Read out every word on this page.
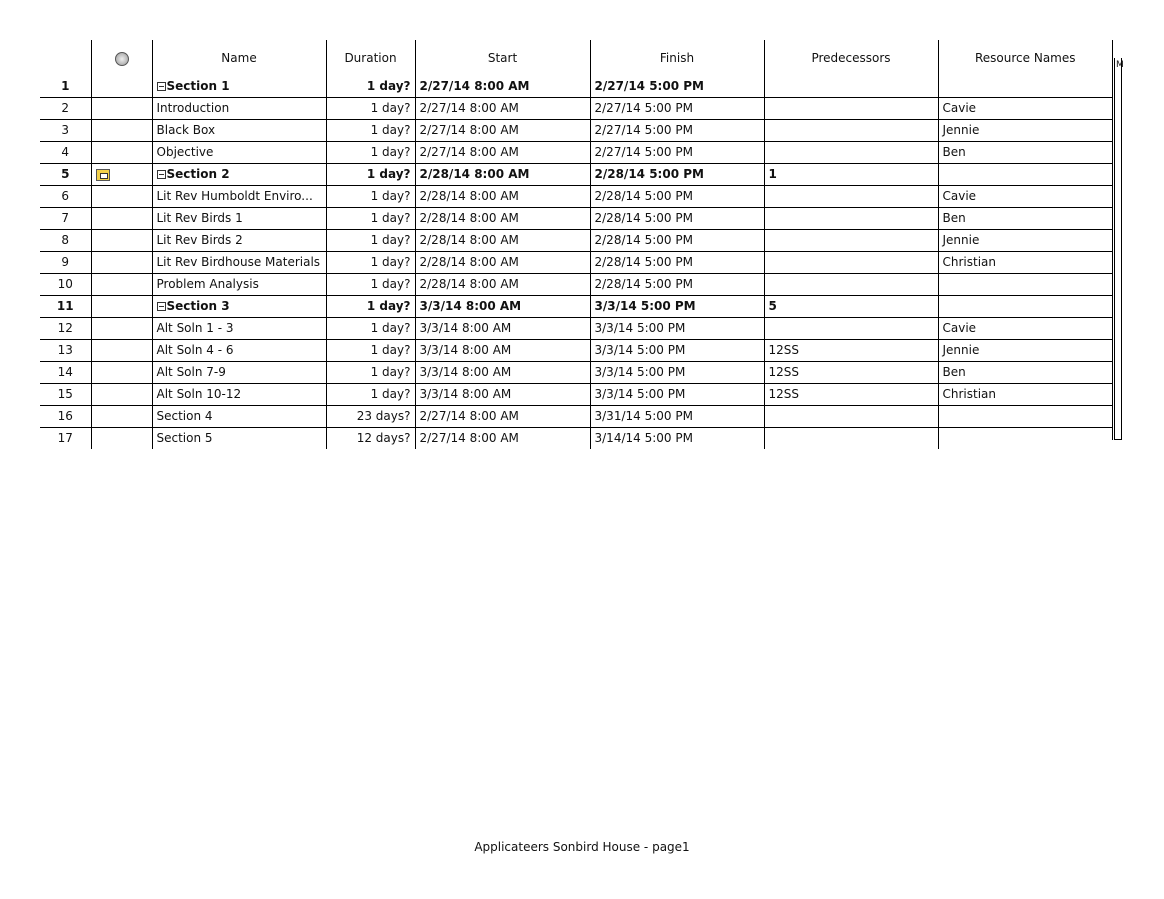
		Name	Duration	Start	Finish	Predecessors	Resource Names
1		Section 1	1 day?	2/27/14 8:00 AM	2/27/14 5:00 PM		
2		Introduction	1 day?	2/27/14 8:00 AM	2/27/14 5:00 PM		Cavie
3		Black Box	1 day?	2/27/14 8:00 AM	2/27/14 5:00 PM		Jennie
4		Objective	1 day?	2/27/14 8:00 AM	2/27/14 5:00 PM		Ben
5		Section 2	1 day?	2/28/14 8:00 AM	2/28/14 5:00 PM	1	
6		Lit Rev Humboldt Enviro...	1 day?	2/28/14 8:00 AM	2/28/14 5:00 PM		Cavie
7		Lit Rev Birds 1	1 day?	2/28/14 8:00 AM	2/28/14 5:00 PM		Ben
8		Lit Rev Birds 2	1 day?	2/28/14 8:00 AM	2/28/14 5:00 PM		Jennie
9		Lit Rev Birdhouse Materials	1 day?	2/28/14 8:00 AM	2/28/14 5:00 PM		Christian
10		Problem Analysis	1 day?	2/28/14 8:00 AM	2/28/14 5:00 PM		
11		Section 3	1 day?	3/3/14 8:00 AM	3/3/14 5:00 PM	5	
12		Alt Soln 1 - 3	1 day?	3/3/14 8:00 AM	3/3/14 5:00 PM		Cavie
13		Alt Soln 4 - 6	1 day?	3/3/14 8:00 AM	3/3/14 5:00 PM	12SS	Jennie
14		Alt Soln 7-9	1 day?	3/3/14 8:00 AM	3/3/14 5:00 PM	12SS	Ben
15		Alt Soln 10-12	1 day?	3/3/14 8:00 AM	3/3/14 5:00 PM	12SS	Christian
16		Section 4	23 days?	2/27/14 8:00 AM	3/31/14 5:00 PM		
17		Section 5	12 days?	2/27/14 8:00 AM	3/14/14 5:00 PM		
M
Applicateers Sonbird House - page1
